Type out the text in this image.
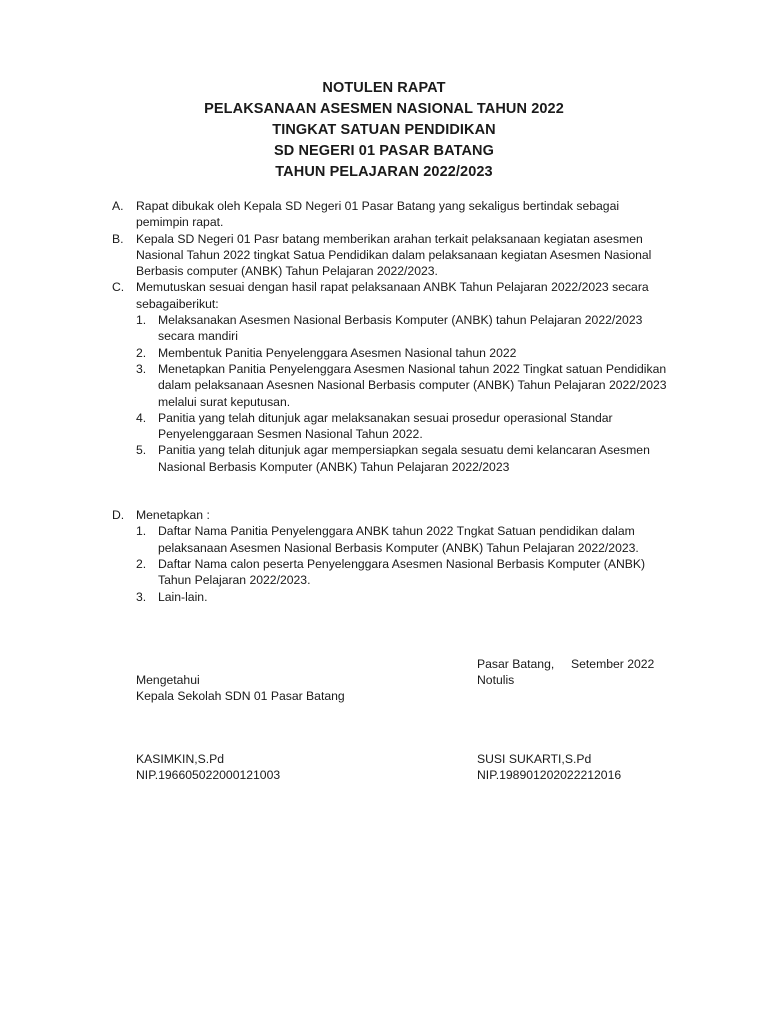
NOTULEN RAPAT
PELAKSANAAN ASESMEN NASIONAL TAHUN 2022
TINGKAT SATUAN PENDIDIKAN
SD NEGERI 01 PASAR BATANG
TAHUN PELAJARAN 2022/2023
A. Rapat dibukak oleh Kepala SD Negeri 01 Pasar Batang yang sekaligus bertindak sebagai pemimpin rapat.
B. Kepala SD Negeri 01 Pasr batang memberikan arahan terkait pelaksanaan kegiatan asesmen Nasional Tahun 2022 tingkat Satua Pendidikan dalam pelaksanaan kegiatan Asesmen Nasional Berbasis computer (ANBK) Tahun Pelajaran 2022/2023.
C. Memutuskan sesuai dengan hasil rapat pelaksanaan ANBK Tahun Pelajaran 2022/2023 secara sebagaiberikut:
1. Melaksanakan Asesmen Nasional Berbasis Komputer (ANBK) tahun Pelajaran 2022/2023 secara mandiri
2. Membentuk Panitia Penyelenggara Asesmen Nasional tahun 2022
3. Menetapkan Panitia Penyelenggara Asesmen Nasional tahun 2022 Tingkat satuan Pendidikan dalam pelaksanaan Asesnen Nasional Berbasis computer (ANBK) Tahun Pelajaran 2022/2023 melalui surat keputusan.
4. Panitia yang telah ditunjuk agar melaksanakan sesuai prosedur operasional Standar Penyelenggaraan Sesmen Nasional Tahun 2022.
5. Panitia yang telah ditunjuk agar mempersiapkan segala sesuatu demi kelancaran Asesmen Nasional Berbasis Komputer (ANBK) Tahun Pelajaran 2022/2023
D. Menetapkan :
1. Daftar Nama Panitia Penyelenggara ANBK tahun 2022 Tngkat Satuan pendidikan dalam pelaksanaan Asesmen Nasional Berbasis Komputer (ANBK) Tahun Pelajaran 2022/2023.
2. Daftar Nama calon peserta Penyelenggara Asesmen Nasional Berbasis Komputer (ANBK) Tahun Pelajaran 2022/2023.
3. Lain-lain.
Pasar Batang, Setember 2022
Mengetahui	Notulis
Kepala Sekolah SDN 01 Pasar Batang
KASIMKIN,S.Pd	SUSI SUKARTI,S.Pd
NIP.196605022000121003	NIP.198901202022212016
